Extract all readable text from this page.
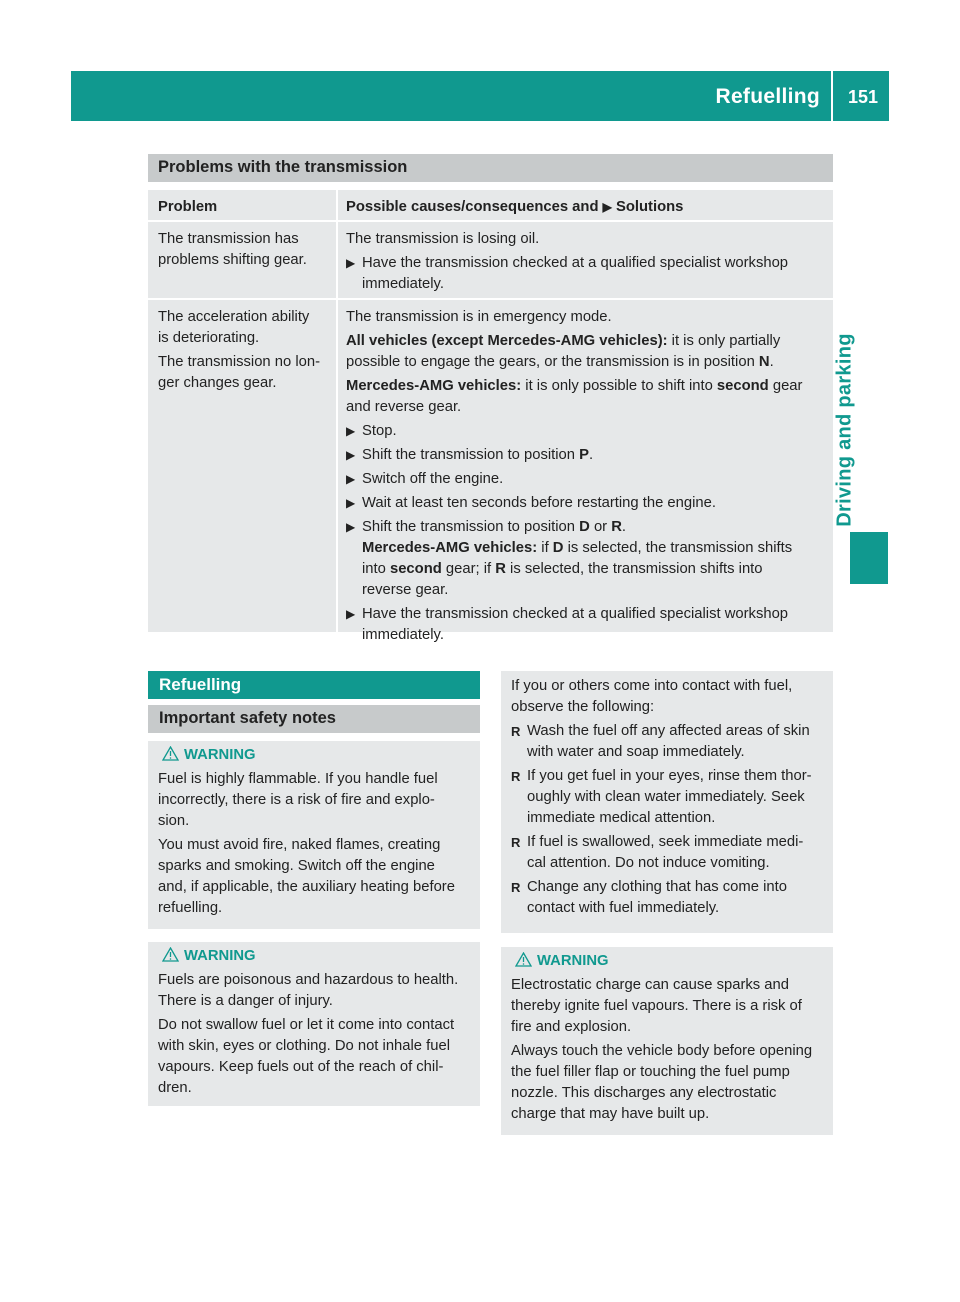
Refuelling	151
Driving and parking
Problems with the transmission
Problem	Possible causes/consequences and ▶ Solutions

The transmission has

problems shifting gear.

The transmission is losing oil.

▶ Have the transmission checked at a qualified specialist workshop

immediately.

The acceleration ability

is deteriorating.

The transmission no lon-

ger changes gear.

The transmission is in emergency mode.

All vehicles (except Mercedes-AMG vehicles): it is only partially

possible to engage the gears, or the transmission is in position N.

Mercedes-AMG vehicles: it is only possible to shift into second gear

and reverse gear.

▶ Stop.

▶ Shift the transmission to position P.

▶ Switch off the engine.

▶ Wait at least ten seconds before restarting the engine.

▶ Shift the transmission to position D or R.

Mercedes-AMG vehicles: if D is selected, the transmission shifts

into second gear; if R is selected, the transmission shifts into

reverse gear.

▶ Have the transmission checked at a qualified specialist workshop

immediately.

Refuelling
Important safety notes
WARNING

Fuel is highly flammable. If you handle fuel

incorrectly, there is a risk of fire and explo-

sion.

You must avoid fire, naked flames, creating

sparks and smoking. Switch off the engine

and, if applicable, the auxiliary heating before

refuelling.

WARNING

Fuels are poisonous and hazardous to health.

There is a danger of injury.

Do not swallow fuel or let it come into contact

with skin, eyes or clothing. Do not inhale fuel

vapours. Keep fuels out of the reach of chil-

dren.

If you or others come into contact with fuel,

observe the following:

R Wash the fuel off any affected areas of skin

with water and soap immediately.

R If you get fuel in your eyes, rinse them thor-

oughly with clean water immediately. Seek

immediate medical attention.

R If fuel is swallowed, seek immediate medi-

cal attention. Do not induce vomiting.

R Change any clothing that has come into

contact with fuel immediately.

WARNING

Electrostatic charge can cause sparks and

thereby ignite fuel vapours. There is a risk of

fire and explosion.

Always touch the vehicle body before opening

the fuel filler flap or touching the fuel pump

nozzle. This discharges any electrostatic

charge that may have built up.
